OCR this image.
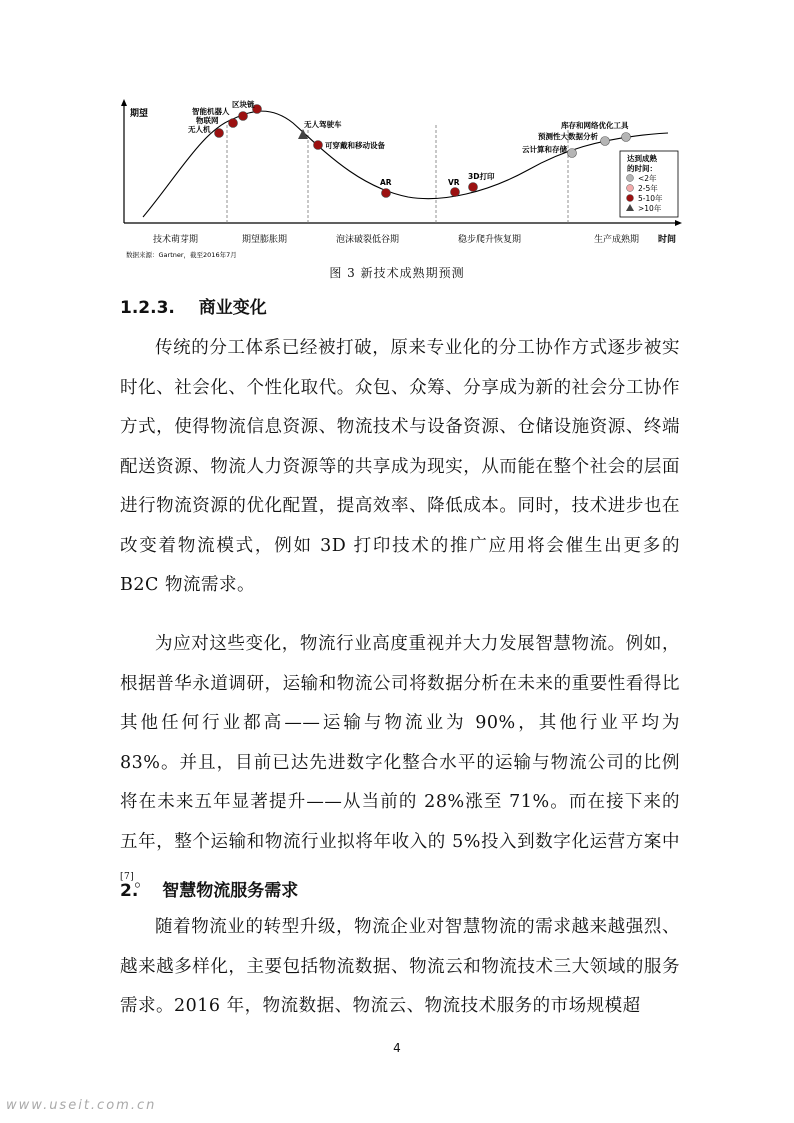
期望
时间
技术萌芽期	期望膨胀期	泡沫破裂低谷期	稳步爬升恢复期	生产成熟期
智能机器人
物联网
无人机
区块链
无人驾驶车
可穿戴和移动设备
AR	VR
3D打印
云计算和存储
预测性大数据分析
库存和网络优化工具
达到成熟
的时间：
<2年
2-5年
5-10年
>10年
数据来源：Gartner，截至2016年7月
图 3 新技术成熟期预测
1.2.3. 商业变化

传统的分工体系已经被打破，原来专业化的分工协作方式逐步被实时化、社会化、个性化取代。众包、众筹、分享成为新的社会分工协作方式，使得物流信息资源、物流技术与设备资源、仓储设施资源、终端配送资源、物流人力资源等的共享成为现实，从而能在整个社会的层面进行物流资源的优化配置，提高效率、降低成本。同时，技术进步也在改变着物流模式，例如 3D 打印技术的推广应用将会催生出更多的 B2C 物流需求。

为应对这些变化，物流行业高度重视并大力发展智慧物流。例如，根据普华永道调研，运输和物流公司将数据分析在未来的重要性看得比其他任何行业都高——运输与物流业为 90%，其他行业平均为 83%。并且，目前已达先进数字化整合水平的运输与物流公司的比例将在未来五年显著提升——从当前的 28%涨至 71%。而在接下来的五年，整个运输和物流行业拟将年收入的 5%投入到数字化运营方案中[7]。

2. 智慧物流服务需求

随着物流业的转型升级，物流企业对智慧物流的需求越来越强烈、越来越多样化，主要包括物流数据、物流云和物流技术三大领域的服务需求。2016 年，物流数据、物流云、物流技术服务的市场规模超

4
www.useit.com.cn
